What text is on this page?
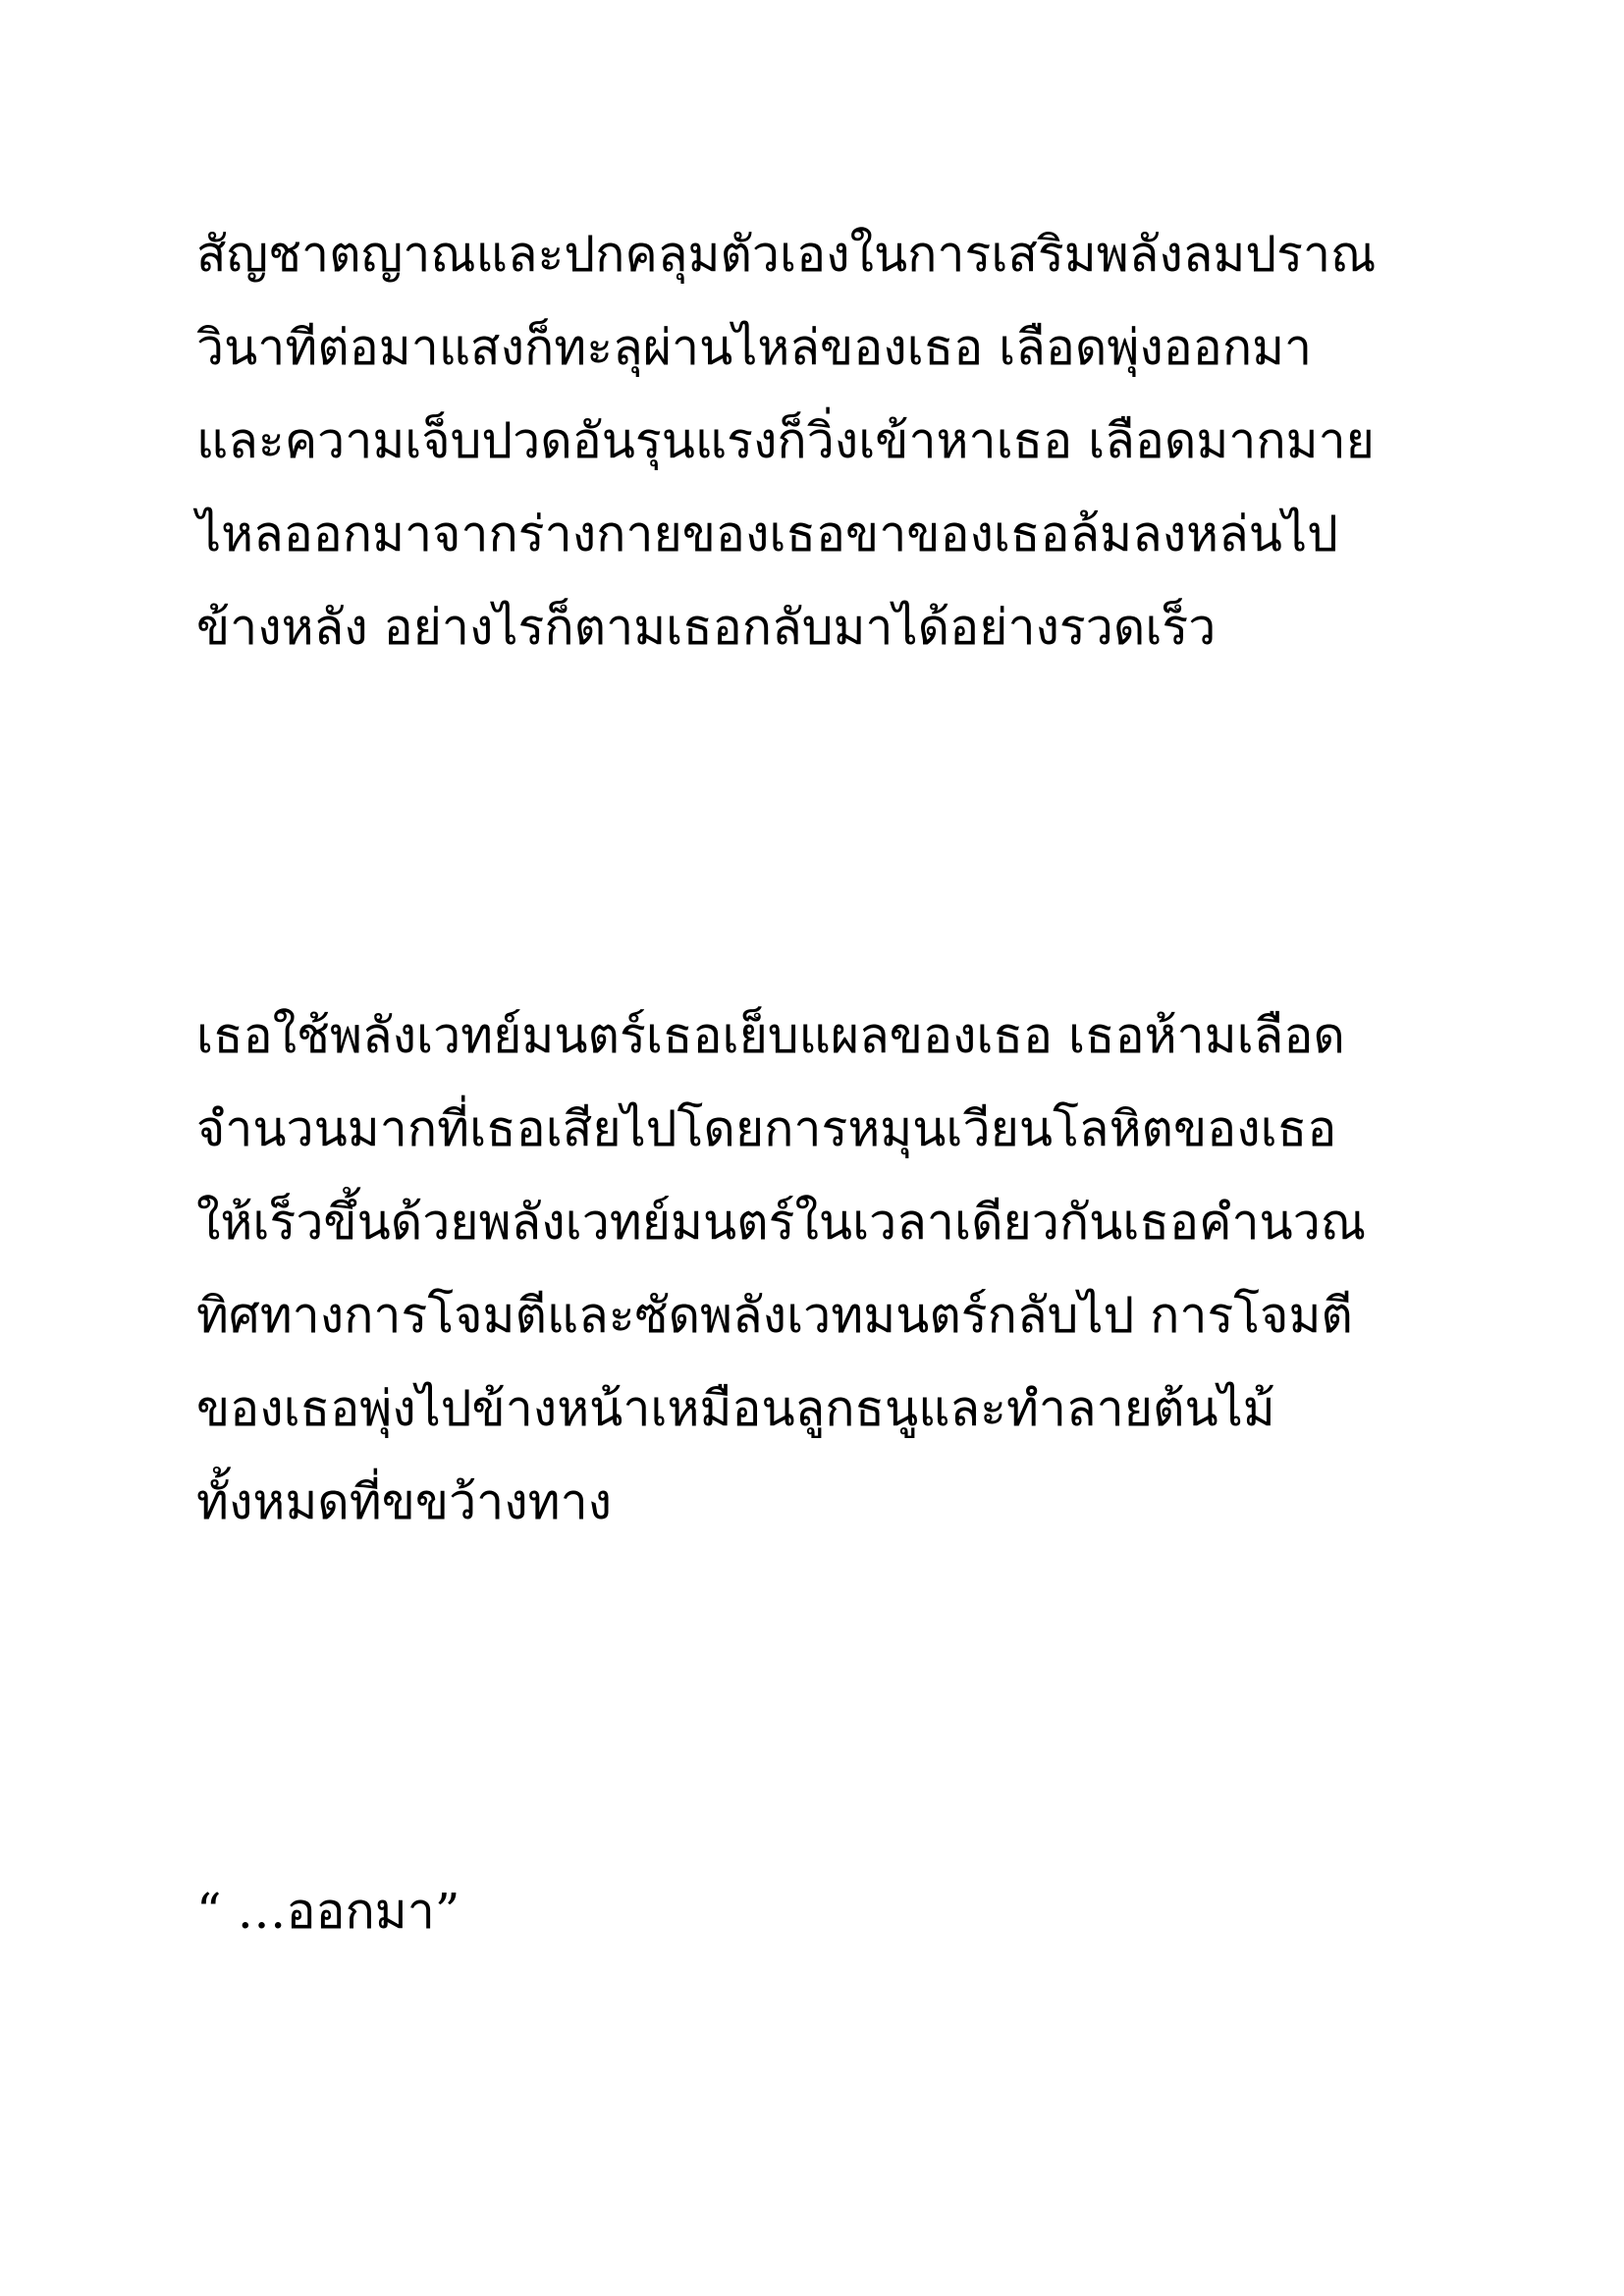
สัญชาตญาณและปกคลุมตัวเองในการเสริมพลังลมปราณ
วินาทีต่อมาแสงก็ทะลุผ่านไหล่ของเธอ เลือดพุ่งออกมา
และความเจ็บปวดอันรุนแรงก็วิ่งเข้าหาเธอ เลือดมากมาย
ไหลออกมาจากร่างกายของเธอขาของเธอล้มลงหล่นไป
ข้างหลัง อย่างไรก็ตามเธอกลับมาได้อย่างรวดเร็ว

เธอใช้พลังเวทย์มนตร์เธอเย็บแผลของเธอ เธอห้ามเลือด
จำนวนมากที่เธอเสียไปโดยการหมุนเวียนโลหิตของเธอ
ให้เร็วขึ้นด้วยพลังเวทย์มนตร์ในเวลาเดียวกันเธอคำนวณ
ทิศทางการโจมตีและซัดพลังเวทมนตร์กลับไป การโจมตี
ของเธอพุ่งไปข้างหน้าเหมือนลูกธนูและทำลายต้นไม้
ทั้งหมดที่ขขว้างทาง

“ …ออกมา”
